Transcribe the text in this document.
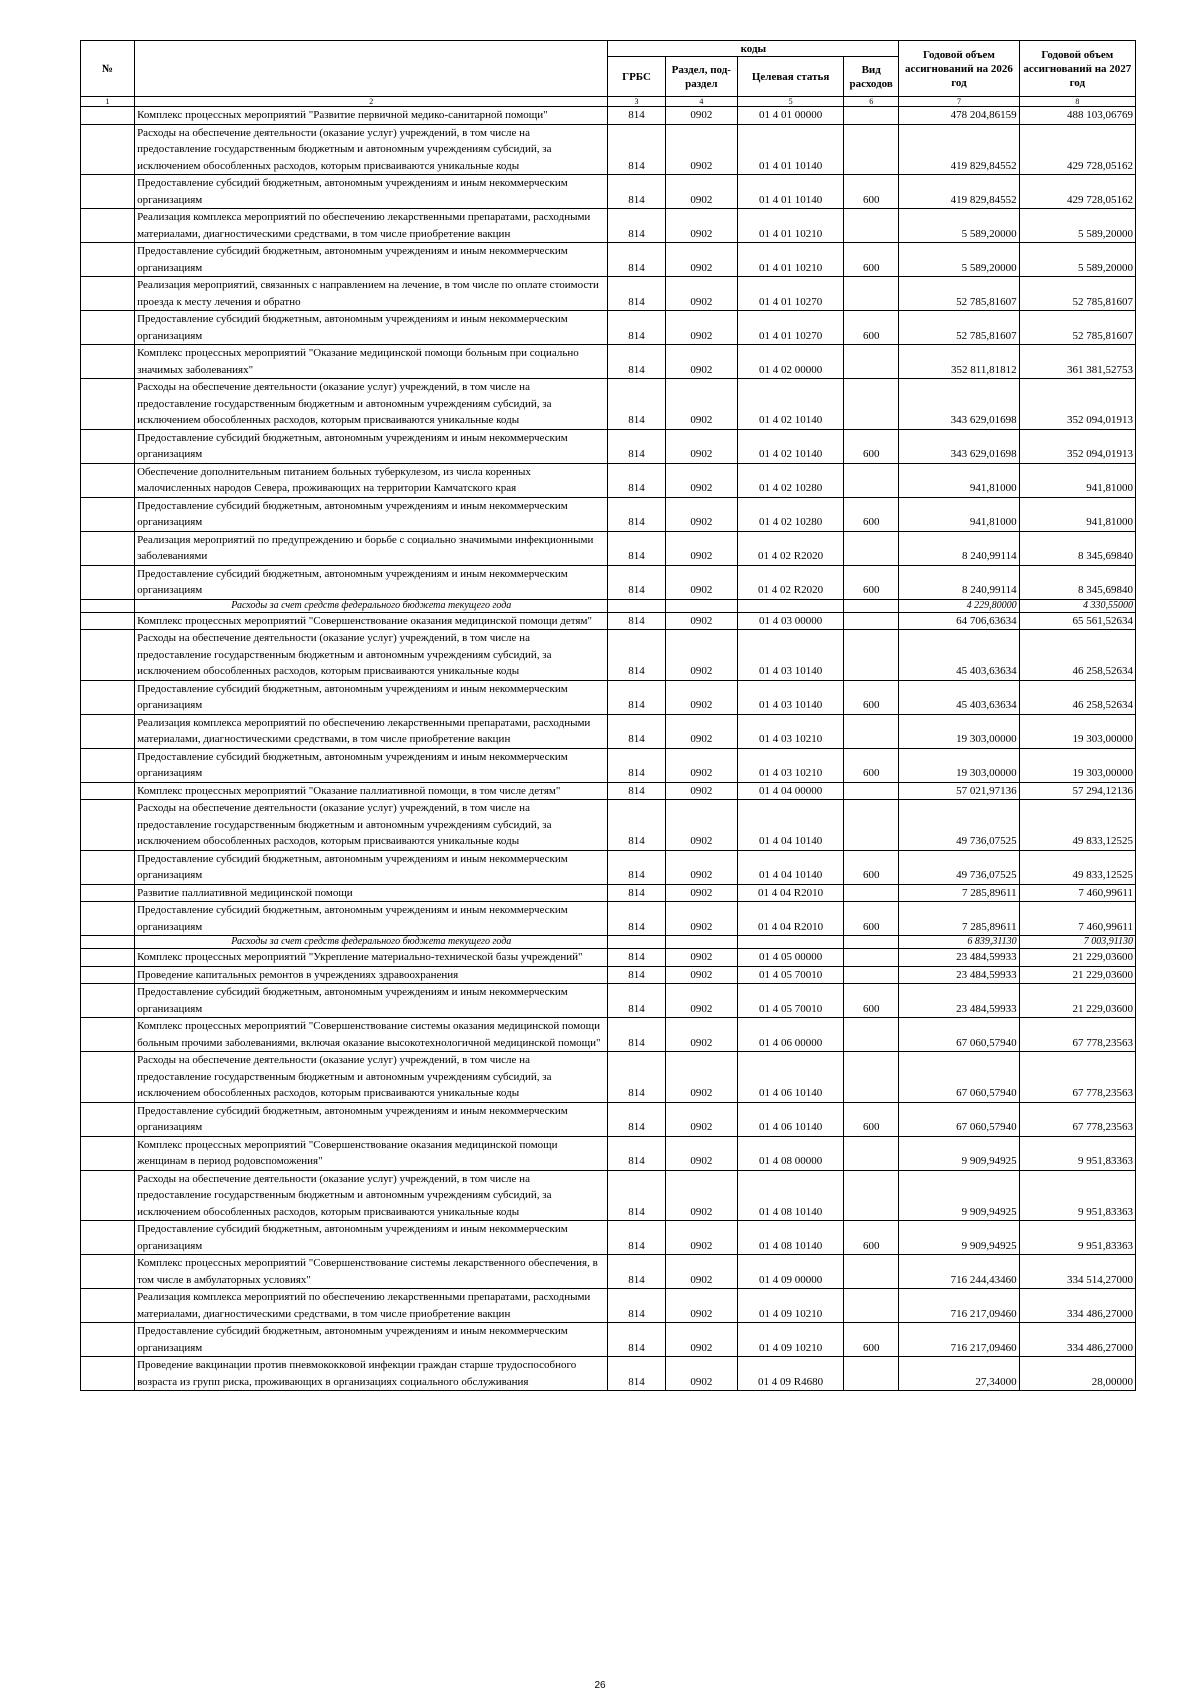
№		коды				Годовой объем ассигнований на 2026 год	Годовой объем ассигнований на 2027 год
		ГРБС	Раздел, под-раздел	Целевая статья	Вид расходов		
1	2	3	4	5	6	7	8
	Комплекс процессных мероприятий "Развитие первичной медико-санитарной помощи"	814	0902	01 4 01 00000		478 204,86159	488 103,06769
	Расходы на обеспечение деятельности (оказание услуг) учреждений, в том числе на предоставление государственным бюджетным и автономным учреждениям субсидий, за исключением обособленных расходов, которым присваиваются уникальные коды	814	0902	01 4 01 10140		419 829,84552	429 728,05162
	Предоставление субсидий бюджетным, автономным учреждениям и иным некоммерческим организациям	814	0902	01 4 01 10140	600	419 829,84552	429 728,05162
	Реализация комплекса мероприятий по обеспечению лекарственными препаратами, расходными материалами, диагностическими средствами, в том числе приобретение вакцин	814	0902	01 4 01 10210		5 589,20000	5 589,20000
	Предоставление субсидий бюджетным, автономным учреждениям и иным некоммерческим организациям	814	0902	01 4 01 10210	600	5 589,20000	5 589,20000
	Реализация мероприятий, связанных с направлением на лечение, в том числе по оплате стоимости проезда к месту лечения и обратно	814	0902	01 4 01 10270		52 785,81607	52 785,81607
	Предоставление субсидий бюджетным, автономным учреждениям и иным некоммерческим организациям	814	0902	01 4 01 10270	600	52 785,81607	52 785,81607
	Комплекс процессных мероприятий "Оказание медицинской помощи больным при социально значимых заболеваниях"	814	0902	01 4 02 00000		352 811,81812	361 381,52753
	Расходы на обеспечение деятельности (оказание услуг) учреждений, в том числе на предоставление государственным бюджетным и автономным учреждениям субсидий, за исключением обособленных расходов, которым присваиваются уникальные коды	814	0902	01 4 02 10140		343 629,01698	352 094,01913
	Предоставление субсидий бюджетным, автономным учреждениям и иным некоммерческим организациям	814	0902	01 4 02 10140	600	343 629,01698	352 094,01913
	Обеспечение дополнительным питанием больных туберкулезом, из числа коренных малочисленных народов Севера, проживающих на территории Камчатского края	814	0902	01 4 02 10280		941,81000	941,81000
	Предоставление субсидий бюджетным, автономным учреждениям и иным некоммерческим организациям	814	0902	01 4 02 10280	600	941,81000	941,81000
	Реализация мероприятий по предупреждению и борьбе с социально значимыми инфекционными заболеваниями	814	0902	01 4 02 R2020		8 240,99114	8 345,69840
	Предоставление субсидий бюджетным, автономным учреждениям и иным некоммерческим организациям	814	0902	01 4 02 R2020	600	8 240,99114	8 345,69840
	Расходы за счет средств федерального бюджета текущего года					4 229,80000	4 330,55000
	Комплекс процессных мероприятий "Совершенствование оказания медицинской помощи детям"	814	0902	01 4 03 00000		64 706,63634	65 561,52634
	Расходы на обеспечение деятельности (оказание услуг) учреждений, в том числе на предоставление государственным бюджетным и автономным учреждениям субсидий, за исключением обособленных расходов, которым присваиваются уникальные коды	814	0902	01 4 03 10140		45 403,63634	46 258,52634
	Предоставление субсидий бюджетным, автономным учреждениям и иным некоммерческим организациям	814	0902	01 4 03 10140	600	45 403,63634	46 258,52634
	Реализация комплекса мероприятий по обеспечению лекарственными препаратами, расходными материалами, диагностическими средствами, в том числе приобретение вакцин	814	0902	01 4 03 10210		19 303,00000	19 303,00000
	Предоставление субсидий бюджетным, автономным учреждениям и иным некоммерческим организациям	814	0902	01 4 03 10210	600	19 303,00000	19 303,00000
	Комплекс процессных мероприятий "Оказание паллиативной помощи, в том числе детям"	814	0902	01 4 04 00000		57 021,97136	57 294,12136
	Расходы на обеспечение деятельности (оказание услуг) учреждений, в том числе на предоставление государственным бюджетным и автономным учреждениям субсидий, за исключением обособленных расходов, которым присваиваются уникальные коды	814	0902	01 4 04 10140		49 736,07525	49 833,12525
	Предоставление субсидий бюджетным, автономным учреждениям и иным некоммерческим организациям	814	0902	01 4 04 10140	600	49 736,07525	49 833,12525
	Развитие паллиативной медицинской помощи	814	0902	01 4 04 R2010		7 285,89611	7 460,99611
	Предоставление субсидий бюджетным, автономным учреждениям и иным некоммерческим организациям	814	0902	01 4 04 R2010	600	7 285,89611	7 460,99611
	Расходы за счет средств федерального бюджета текущего года					6 839,31130	7 003,91130
	Комплекс процессных мероприятий "Укрепление материально-технической базы учреждений"	814	0902	01 4 05 00000		23 484,59933	21 229,03600
	Проведение капитальных ремонтов в учреждениях здравоохранения	814	0902	01 4 05 70010		23 484,59933	21 229,03600
	Предоставление субсидий бюджетным, автономным учреждениям и иным некоммерческим организациям	814	0902	01 4 05 70010	600	23 484,59933	21 229,03600
	Комплекс процессных мероприятий "Совершенствование системы оказания медицинской помощи больным прочими заболеваниями, включая оказание высокотехнологичной медицинской помощи"	814	0902	01 4 06 00000		67 060,57940	67 778,23563
	Расходы на обеспечение деятельности (оказание услуг) учреждений, в том числе на предоставление государственным бюджетным и автономным учреждениям субсидий, за исключением обособленных расходов, которым присваиваются уникальные коды	814	0902	01 4 06 10140		67 060,57940	67 778,23563
	Предоставление субсидий бюджетным, автономным учреждениям и иным некоммерческим организациям	814	0902	01 4 06 10140	600	67 060,57940	67 778,23563
	Комплекс процессных мероприятий "Совершенствование оказания медицинской помощи женщинам в период родовспоможения"	814	0902	01 4 08 00000		9 909,94925	9 951,83363
	Расходы на обеспечение деятельности (оказание услуг) учреждений, в том числе на предоставление государственным бюджетным и автономным учреждениям субсидий, за исключением обособленных расходов, которым присваиваются уникальные коды	814	0902	01 4 08 10140		9 909,94925	9 951,83363
	Предоставление субсидий бюджетным, автономным учреждениям и иным некоммерческим организациям	814	0902	01 4 08 10140	600	9 909,94925	9 951,83363
	Комплекс процессных мероприятий "Совершенствование системы лекарственного обеспечения, в том числе в амбулаторных условиях"	814	0902	01 4 09 00000		716 244,43460	334 514,27000
	Реализация комплекса мероприятий по обеспечению лекарственными препаратами, расходными материалами, диагностическими средствами, в том числе приобретение вакцин	814	0902	01 4 09 10210		716 217,09460	334 486,27000
	Предоставление субсидий бюджетным, автономным учреждениям и иным некоммерческим организациям	814	0902	01 4 09 10210	600	716 217,09460	334 486,27000
	Проведение вакцинации против пневмококковой инфекции граждан старше трудоспособного возраста из групп риска, проживающих в организациях социального обслуживания	814	0902	01 4 09 R4680		27,34000	28,00000
26
